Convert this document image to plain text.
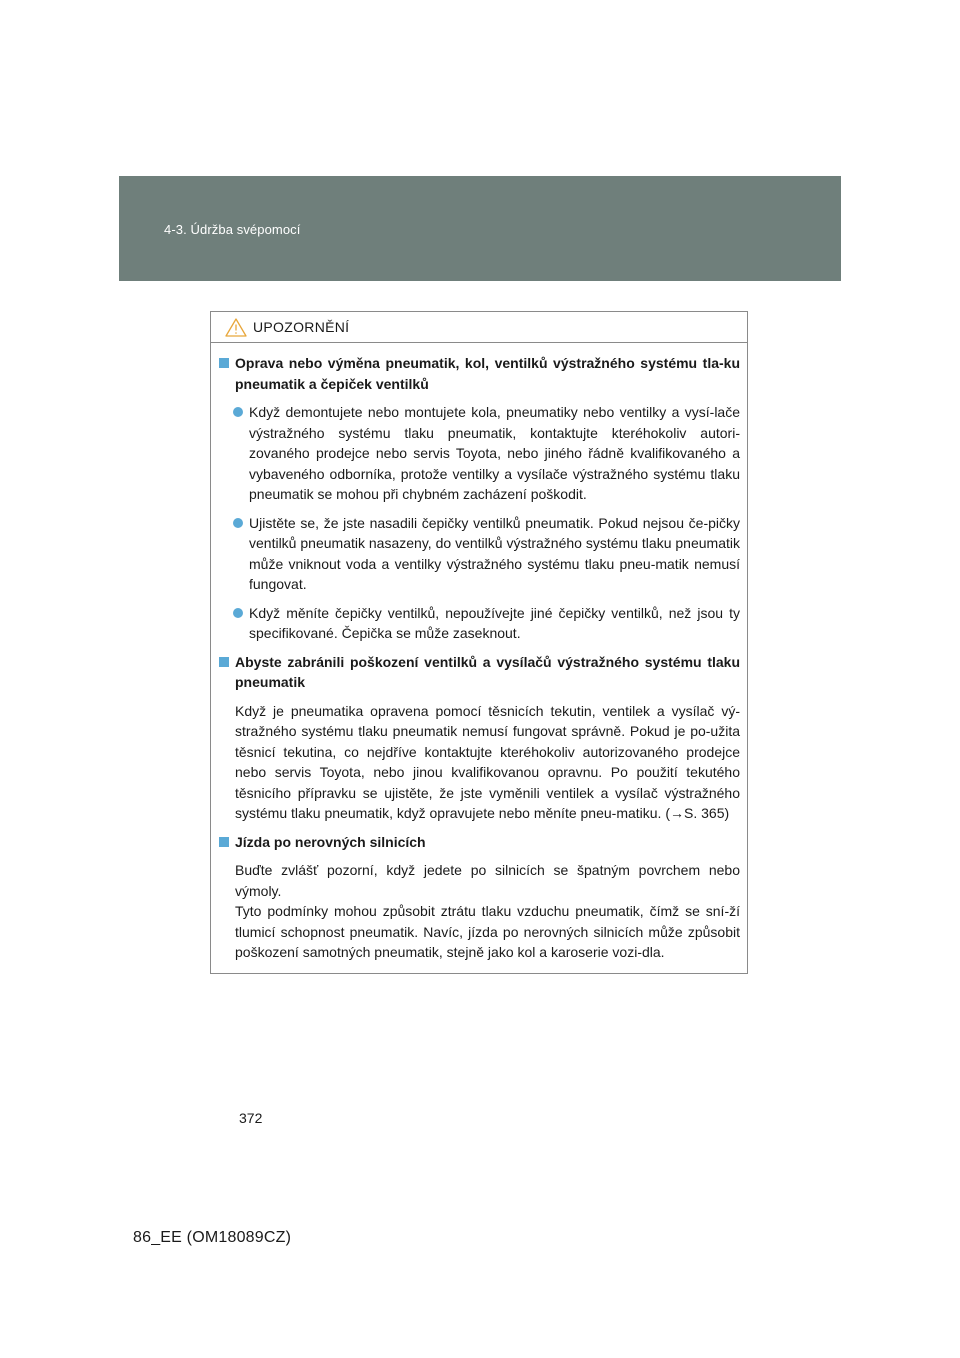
4-3. Údržba svépomocí
UPOZORNĚNÍ
Oprava nebo výměna pneumatik, kol, ventilků výstražného systému tla-ku pneumatik a čepiček ventilků
Když demontujete nebo montujete kola, pneumatiky nebo ventilky a vysí-lače výstražného systému tlaku pneumatik, kontaktujte kteréhokoliv autori-zovaného prodejce nebo servis Toyota, nebo jiného řádně kvalifikovaného a vybaveného odborníka, protože ventilky a vysílače výstražného systému tlaku pneumatik se mohou při chybném zacházení poškodit.
Ujistěte se, že jste nasadili čepičky ventilků pneumatik. Pokud nejsou če-pičky ventilků pneumatik nasazeny, do ventilků výstražného systému tlaku pneumatik může vniknout voda a ventilky výstražného systému tlaku pneu-matik nemusí fungovat.
Když měníte čepičky ventilků, nepoužívejte jiné čepičky ventilků, než jsou ty specifikované. Čepička se může zaseknout.
Abyste zabránili poškození ventilků a vysílačů výstražného systému tlaku pneumatik
Když je pneumatika opravena pomocí těsnicích tekutin, ventilek a vysílač vý-stražného systému tlaku pneumatik nemusí fungovat správně. Pokud je po-užita těsnicí tekutina, co nejdříve kontaktujte kteréhokoliv autorizovaného prodejce nebo servis Toyota, nebo jinou kvalifikovanou opravnu. Po použití tekutého těsnicího přípravku se ujistěte, že jste vyměnili ventilek a vysílač výstražného systému tlaku pneumatik, když opravujete nebo měníte pneu-matiku. (→S. 365)
Jízda po nerovných silnicích
Buďte zvlášť pozorní, když jedete po silnicích se špatným povrchem nebo výmoly.
Tyto podmínky mohou způsobit ztrátu tlaku vzduchu pneumatik, čímž se sní-ží tlumicí schopnost pneumatik. Navíc, jízda po nerovných silnicích může způsobit poškození samotných pneumatik, stejně jako kol a karoserie vozi-dla.
372
86_EE (OM18089CZ)
